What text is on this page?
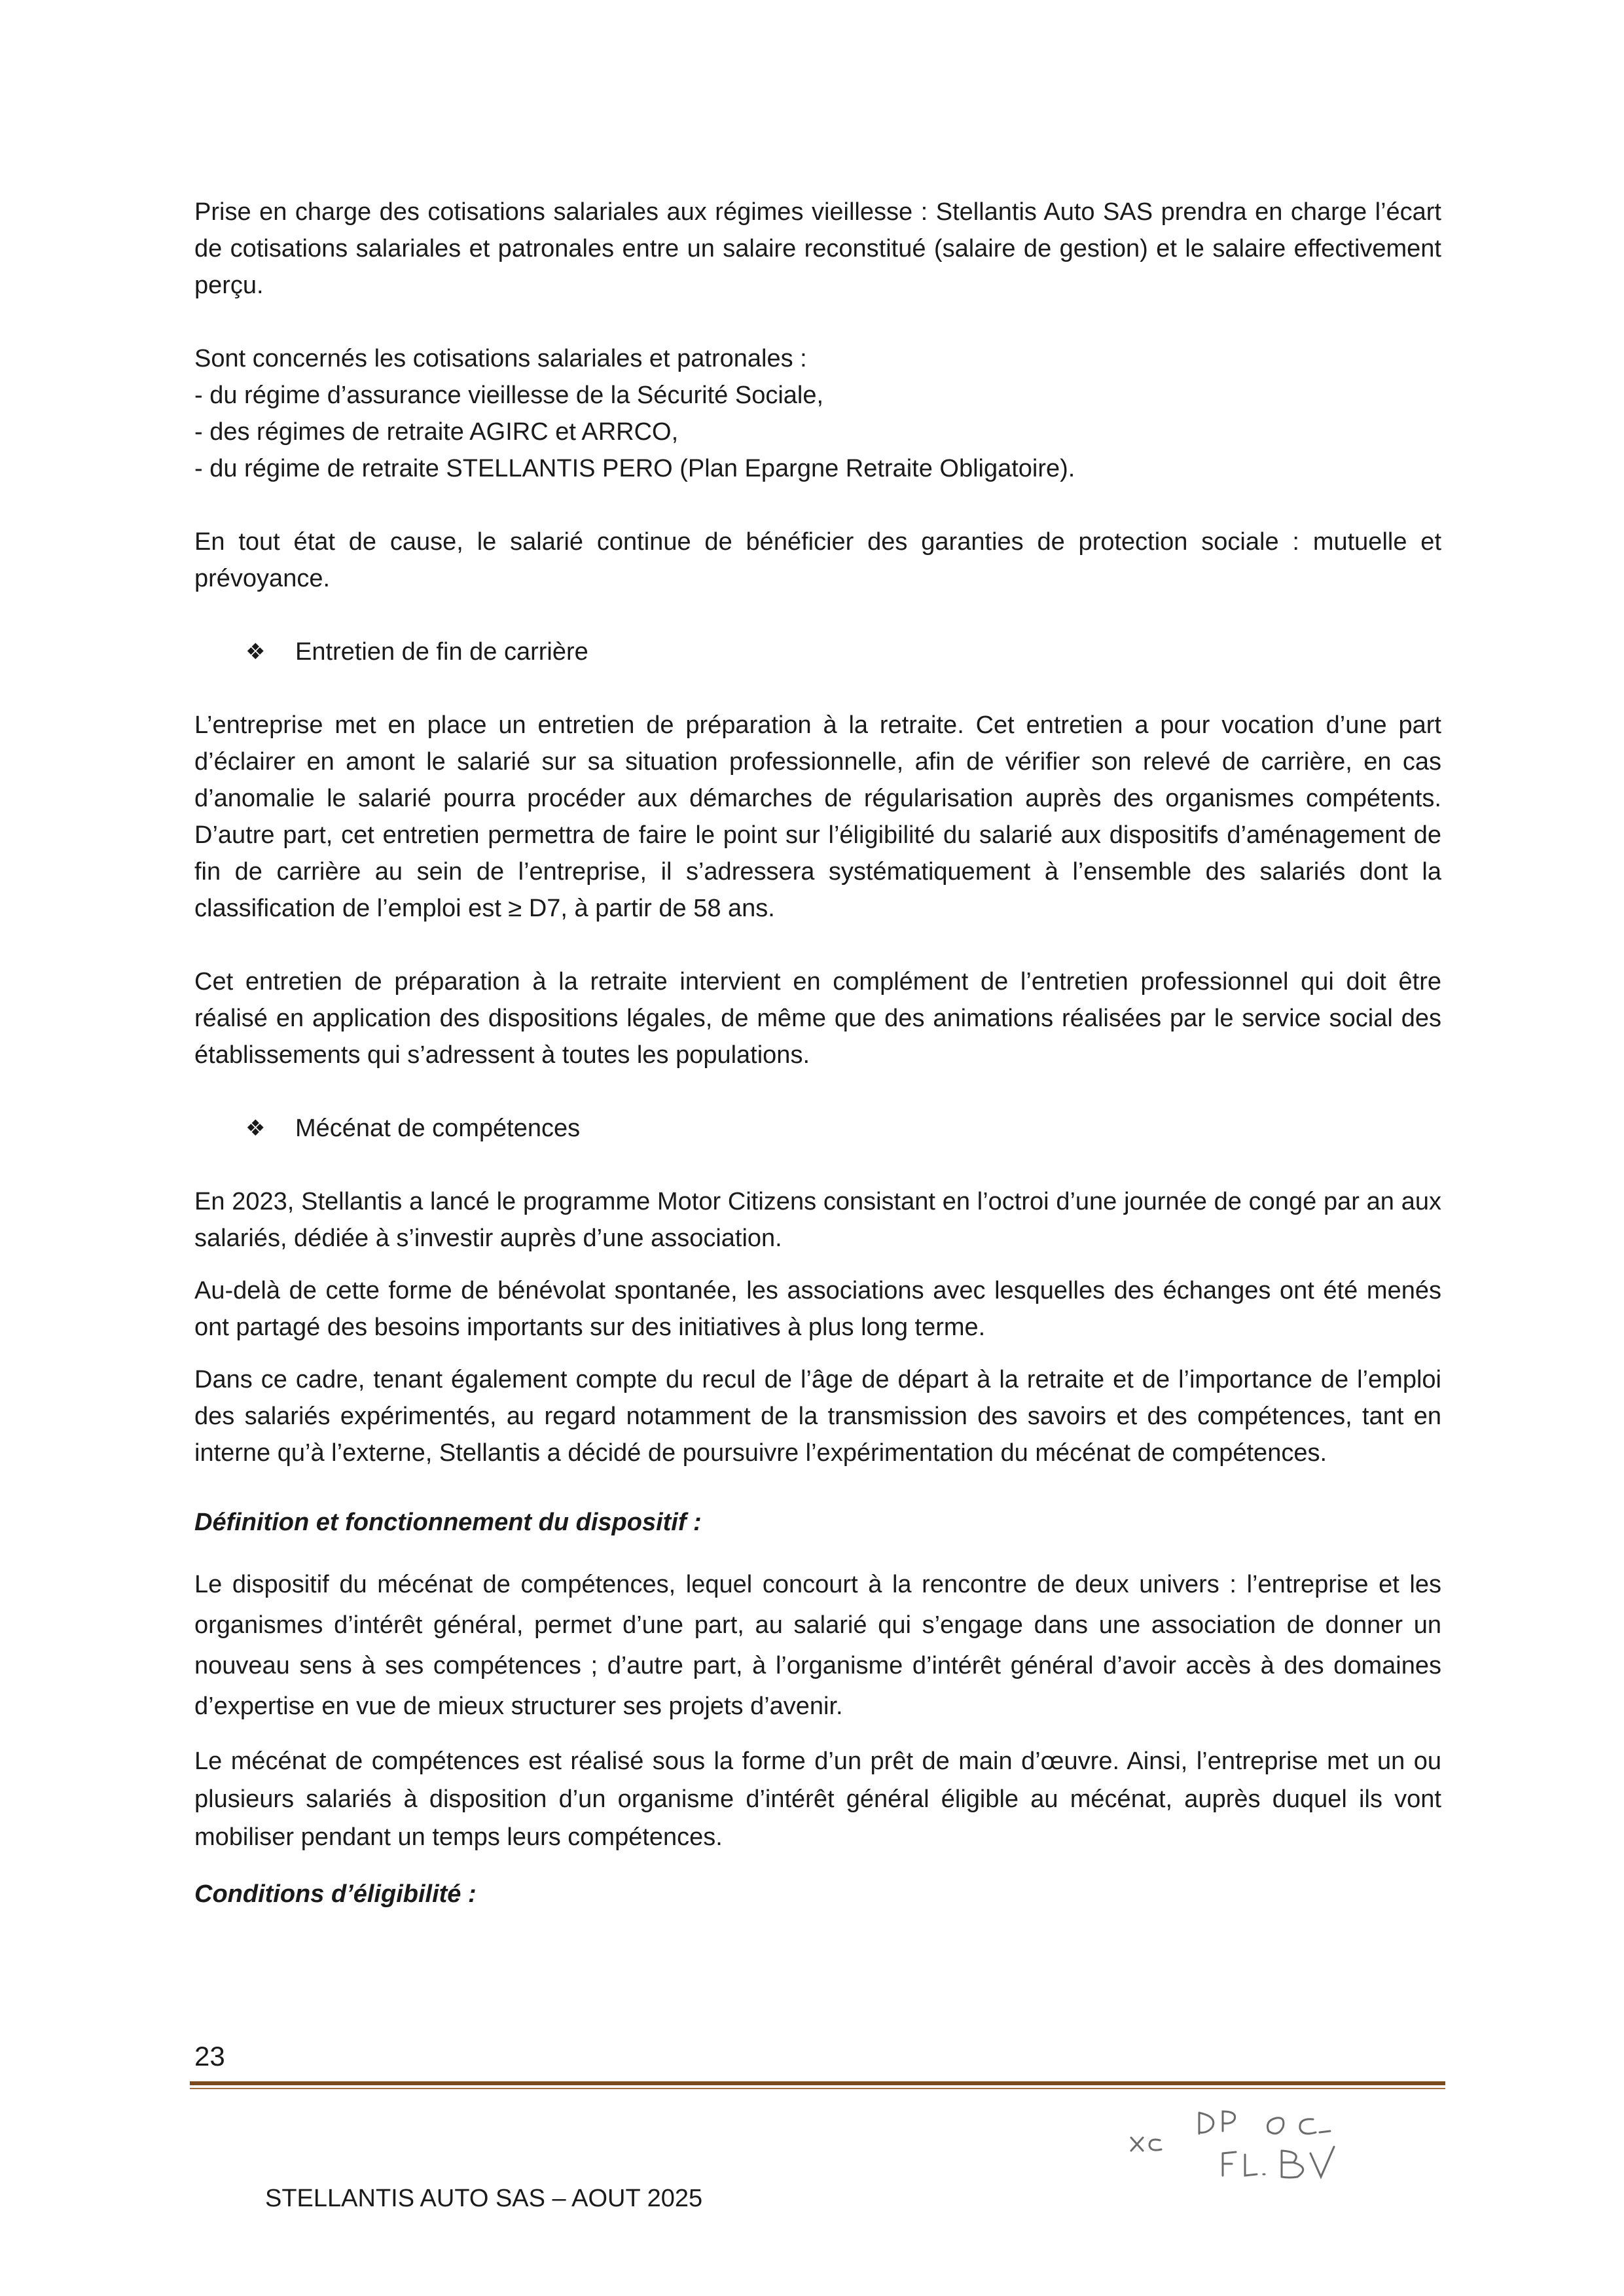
Prise en charge des cotisations salariales aux régimes vieillesse : Stellantis Auto SAS prendra en charge l’écart de cotisations salariales et patronales entre un salaire reconstitué (salaire de gestion) et le salaire effectivement perçu.

Sont concernés les cotisations salariales et patronales :

- du régime d’assurance vieillesse de la Sécurité Sociale,

- des régimes de retraite AGIRC et ARRCO,

- du régime de retraite STELLANTIS PERO (Plan Epargne Retraite Obligatoire).

En tout état de cause, le salarié continue de bénéficier des garanties de protection sociale : mutuelle et prévoyance.

❖	Entretien de fin de carrière

L’entreprise met en place un entretien de préparation à la retraite. Cet entretien a pour vocation d’une part d’éclairer en amont le salarié sur sa situation professionnelle, afin de vérifier son relevé de carrière, en cas d’anomalie le salarié pourra procéder aux démarches de régularisation auprès des organismes compétents. D’autre part, cet entretien permettra de faire le point sur l’éligibilité du salarié aux dispositifs d’aménagement de fin de carrière au sein de l’entreprise, il s’adressera systématiquement à l’ensemble des salariés dont la classification de l’emploi est ≥ D7, à partir de 58 ans.

Cet entretien de préparation à la retraite intervient en complément de l’entretien professionnel qui doit être réalisé en application des dispositions légales, de même que des animations réalisées par le service social des établissements qui s’adressent à toutes les populations.

❖	Mécénat de compétences

En 2023, Stellantis a lancé le programme Motor Citizens consistant en l’octroi d’une journée de congé par an aux salariés, dédiée à s’investir auprès d’une association.

Au-delà de cette forme de bénévolat spontanée, les associations avec lesquelles des échanges ont été menés ont partagé des besoins importants sur des initiatives à plus long terme.

Dans ce cadre, tenant également compte du recul de l’âge de départ à la retraite et de l’importance de l’emploi des salariés expérimentés, au regard notamment de la transmission des savoirs et des compétences, tant en interne qu’à l’externe, Stellantis a décidé de poursuivre l’expérimentation du mécénat de compétences.

Définition et fonctionnement du dispositif :

Le dispositif du mécénat de compétences, lequel concourt à la rencontre de deux univers : l’entreprise et les organismes d’intérêt général, permet d’une part, au salarié qui s’engage dans une association de donner un nouveau sens à ses compétences ; d’autre part, à l’organisme d’intérêt général d’avoir accès à des domaines d’expertise en vue de mieux structurer ses projets d’avenir.

Le mécénat de compétences est réalisé sous la forme d’un prêt de main d’œuvre. Ainsi, l’entreprise met un ou plusieurs salariés à disposition d’un organisme d’intérêt général éligible au mécénat, auprès duquel ils vont mobiliser pendant un temps leurs compétences.

Conditions d’éligibilité :

23
STELLANTIS AUTO SAS – AOUT 2025
